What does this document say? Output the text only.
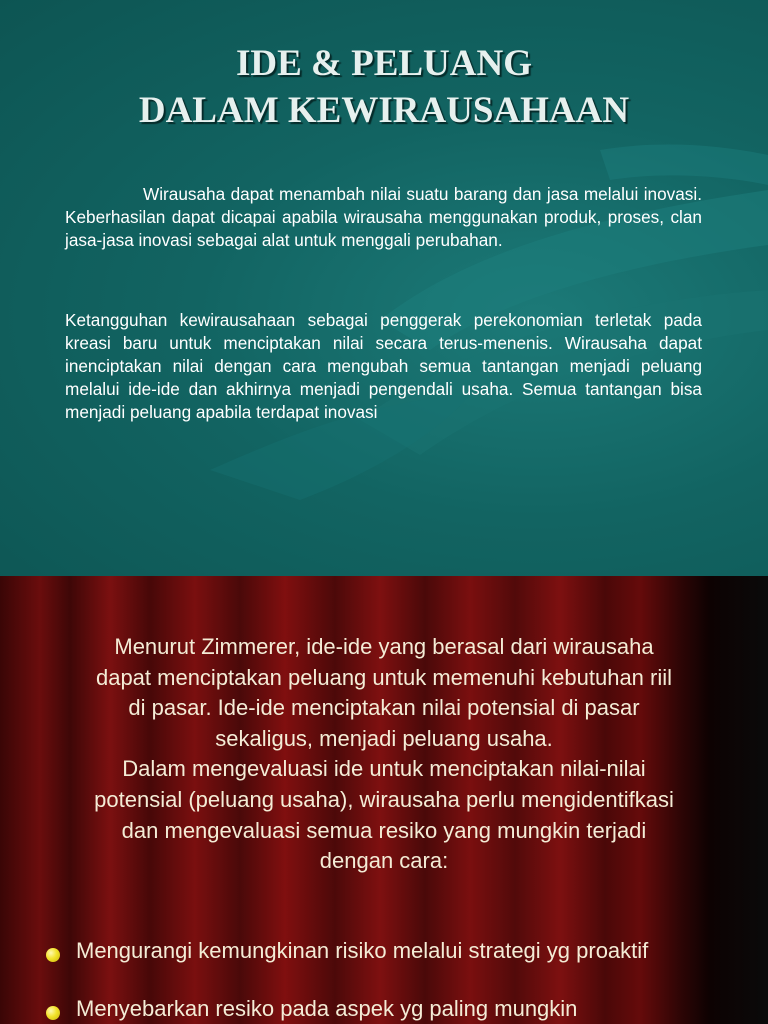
IDE & PELUANG
DALAM KEWIRAUSAHAAN
Wirausaha dapat menambah nilai suatu barang dan jasa melalui inovasi. Keberhasilan dapat dicapai apabila wirausaha menggunakan produk, proses, clan jasa-jasa inovasi sebagai alat untuk menggali perubahan.
Ketangguhan kewirausahaan sebagai penggerak perekonomian terletak pada kreasi baru untuk menciptakan nilai secara terus-menenis. Wirausaha dapat inenciptakan nilai dengan cara mengubah semua tantangan menjadi peluang melalui ide-ide dan akhirnya menjadi pengendali usaha. Semua tantangan bisa menjadi peluang apabila terdapat inovasi
Menurut Zimmerer, ide-ide yang berasal dari wirausaha
dapat menciptakan peluang untuk memenuhi kebutuhan riil
di pasar. Ide-ide menciptakan nilai potensial di pasar
sekaligus, menjadi peluang usaha.
Dalam mengevaluasi ide untuk menciptakan nilai-nilai
potensial (peluang usaha), wirausaha perlu mengidentifkasi
dan mengevaluasi semua resiko yang mungkin terjadi
dengan cara:
Mengurangi kemungkinan risiko melalui strategi yg proaktif
Menyebarkan resiko pada aspek yg paling mungkin
